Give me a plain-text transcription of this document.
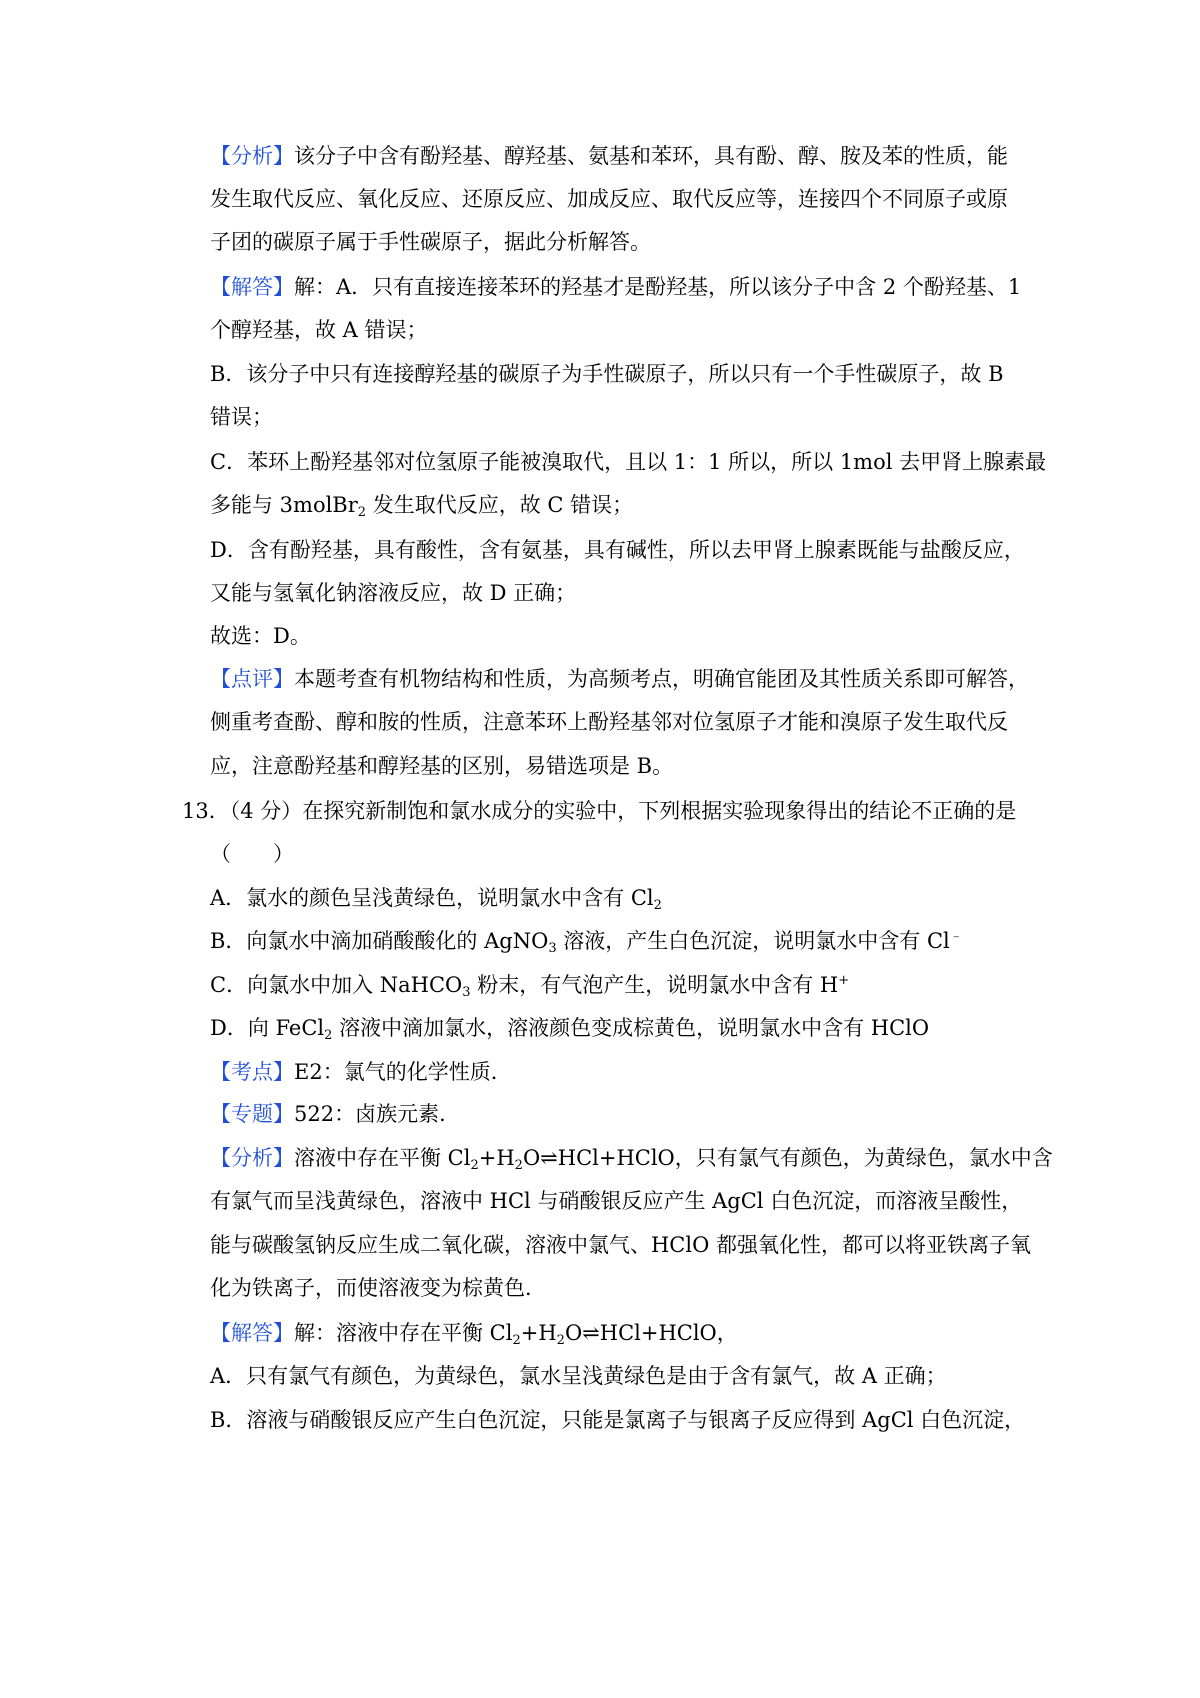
【分析】该分子中含有酚羟基、醇羟基、氨基和苯环，具有酚、醇、胺及苯的性质，能
发生取代反应、氧化反应、还原反应、加成反应、取代反应等，连接四个不同原子或原
子团的碳原子属于手性碳原子，据此分析解答。
【解答】解：A．只有直接连接苯环的羟基才是酚羟基，所以该分子中含 2 个酚羟基、1
个醇羟基，故 A 错误；
B．该分子中只有连接醇羟基的碳原子为手性碳原子，所以只有一个手性碳原子，故 B
错误；
C．苯环上酚羟基邻对位氢原子能被溴取代，且以 1：1 所以，所以 1mol 去甲肾上腺素最
多能与 3molBr$_2$ 发生取代反应，故 C 错误；
D．含有酚羟基，具有酸性，含有氨基，具有碱性，所以去甲肾上腺素既能与盐酸反应，
又能与氢氧化钠溶液反应，故 D 正确；
故选：D。
【点评】本题考查有机物结构和性质，为高频考点，明确官能团及其性质关系即可解答，
侧重考查酚、醇和胺的性质，注意苯环上酚羟基邻对位氢原子才能和溴原子发生取代反
应，注意酚羟基和醇羟基的区别，易错选项是 B。
13．（4 分）在探究新制饱和氯水成分的实验中，下列根据实验现象得出的结论不正确的是
（　　）
A．氯水的颜色呈浅黄绿色，说明氯水中含有 $Cl_2$
B．向氯水中滴加硝酸酸化的 AgNO$_3$ 溶液，产生白色沉淀，说明氯水中含有 Cl﹣
C．向氯水中加入 NaHCO$_3$ 粉末，有气泡产生，说明氯水中含有 H+
D．向 FeCl$_2$ 溶液中滴加氯水，溶液颜色变成棕黄色，说明氯水中含有 HClO
【考点】E2：氯气的化学性质．
【专题】522：卤族元素．
【分析】溶液中存在平衡 $Cl_2+H_2O\rightleftharpoons HCl+HClO$，只有氯气有颜色，为黄绿色，氯水中含
有氯气而呈浅黄绿色，溶液中 HCl 与硝酸银反应产生 AgCl 白色沉淀，而溶液呈酸性，
能与碳酸氢钠反应生成二氧化碳，溶液中氯气、HClO 都强氧化性，都可以将亚铁离子氧
化为铁离子，而使溶液变为棕黄色．
【解答】解：溶液中存在平衡 $Cl_2+H_2O\rightleftharpoons HCl+HClO$，
A．只有氯气有颜色，为黄绿色，氯水呈浅黄绿色是由于含有氯气，故 A 正确；
B．溶液与硝酸银反应产生白色沉淀，只能是氯离子与银离子反应得到 AgCl 白色沉淀，
